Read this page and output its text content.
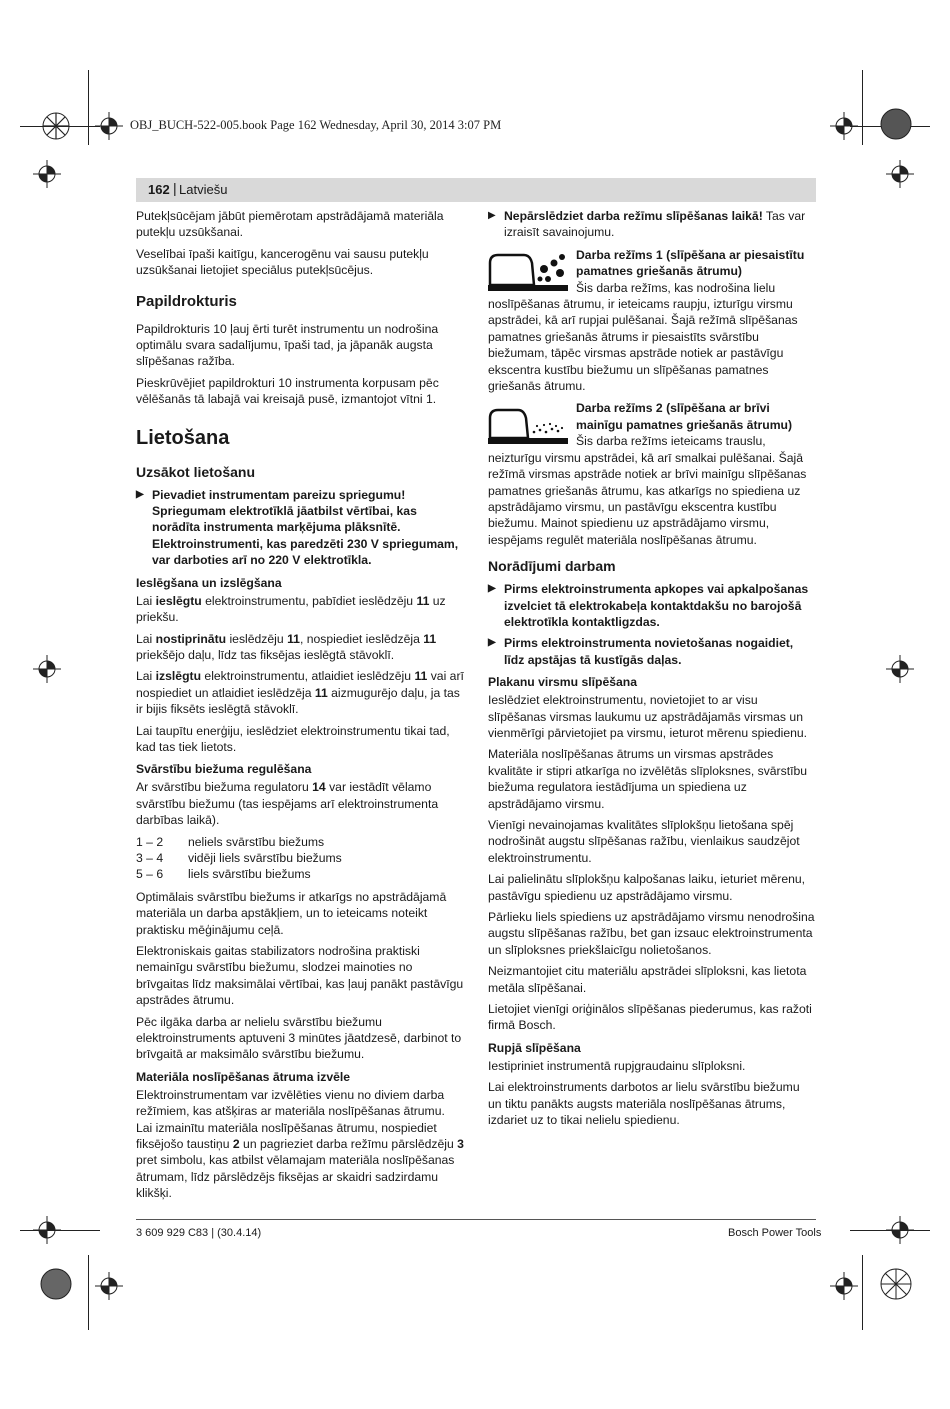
OBJ_BUCH-522-005.book Page 162 Wednesday, April 30, 2014 3:07 PM
162 | Latviešu

Putekļsūcējam jābūt piemērotam apstrādājamā materiāla putekļu uzsūkšanai.

Veselībai īpaši kaitīgu, kancerogēnu vai sausu putekļu uzsūkšanai lietojiet speciālus putekļsūcējus.

Papildrokturis

Papildrokturis 10 ļauj ērti turēt instrumentu un nodrošina optimālu svara sadalījumu, īpaši tad, ja jāpanāk augsta slīpēšanas ražība.

Pieskrūvējiet papildrokturi 10 instrumenta korpusam pēc vēlēšanās tā labajā vai kreisajā pusē, izmantojot vītni 1.

Lietošana
Uzsākot lietošanu
▶ Pievadiet instrumentam pareizu spriegumu! Spriegumam elektrotīklā jāatbilst vērtībai, kas norādīta instrumenta marķējuma plāksnītē. Elektroinstrumenti, kas paredzēti 230 V spriegumam, var darboties arī no 220 V elektrotīkla.
Ieslēgšana un izslēgšana

Lai ieslēgtu elektroinstrumentu, pabīdiet ieslēdzēju 11 uz priekšu.

Lai nostiprinātu ieslēdzēju 11, nospiediet ieslēdzēja 11 priekšējo daļu, līdz tas fiksējas ieslēgtā stāvoklī.

Lai izslēgtu elektroinstrumentu, atlaidiet ieslēdzēju 11 vai arī nospiediet un atlaidiet ieslēdzēja 11 aizmugurējo daļu, ja tas ir bijis fiksēts ieslēgtā stāvoklī.

Lai taupītu enerģiju, ieslēdziet elektroinstrumentu tikai tad, kad tas tiek lietots.

Svārstību biežuma regulēšana

Ar svārstību biežuma regulatoru 14 var iestādīt vēlamo svārstību biežumu (tas iespējams arī elektroinstrumenta darbības laikā).

1 – 2	neliels svārstību biežums
3 – 4	vidēji liels svārstību biežums
5 – 6	liels svārstību biežums

Optimālais svārstību biežums ir atkarīgs no apstrādājamā materiāla un darba apstākļiem, un to ieteicams noteikt praktisku mēģinājumu ceļā.

Elektroniskais gaitas stabilizators nodrošina praktiski nemainīgu svārstību biežumu, slodzei mainoties no brīvgaitas līdz maksimālai vērtībai, kas ļauj panākt pastāvīgu apstrādes ātrumu.

Pēc ilgāka darba ar nelielu svārstību biežumu elektroinstruments aptuveni 3 minūtes jāatdzesē, darbinot to brīvgaitā ar maksimālo svārstību biežumu.

Materiāla noslīpēšanas ātruma izvēle

Elektroinstrumentam var izvēlēties vienu no diviem darba režīmiem, kas atšķiras ar materiāla noslīpēšanas ātrumu. Lai izmainītu materiāla noslīpēšanas ātrumu, nospiediet fiksējošo taustiņu 2 un pagrieziet darba režīmu pārslēdzēju 3 pret simbolu, kas atbilst vēlamajam materiāla noslīpēšanas ātrumam, līdz pārslēdzējs fiksējas ar skaidri sadzirdamu klikšķi.

▶ Nepārslēdziet darba režīmu slīpēšanas laikā! Tas var izraisīt savainojumu.
Darba režīms 1 (slīpēšana ar piesaistītu pamatnes griešanās ātrumu)

Šis darba režīms, kas nodrošina lielu noslīpēšanas ātrumu, ir ieteicams raupju, izturīgu virsmu apstrādei, kā arī rupjai pulēšanai. Šajā režīmā slīpēšanas pamatnes griešanās ātrums ir piesaistīts svārstību biežumam, tāpēc virsmas apstrāde notiek ar pastāvīgu ekscentra kustību biežumu un slīpēšanas pamatnes griešanās ātrumu.

Darba režīms 2 (slīpēšana ar brīvi mainīgu pamatnes griešanās ātrumu)

Šis darba režīms ieteicams trauslu, neizturīgu virsmu apstrādei, kā arī smalkai pulēšanai. Šajā režīmā virsmas apstrāde notiek ar brīvi mainīgu slīpēšanas pamatnes griešanās ātrumu, kas atkarīgs no spiediena uz apstrādājamo virsmu, un pastāvīgu ekscentra kustību biežumu. Mainot spiedienu uz apstrādājamo virsmu, iespējams regulēt materiāla noslīpēšanas ātrumu.

Norādījumi darbam
▶ Pirms elektroinstrumenta apkopes vai apkalpošanas izvelciet tā elektrokabeļa kontaktdakšu no barojošā elektrotīkla kontaktligzdas.
▶ Pirms elektroinstrumenta novietošanas nogaidiet, līdz apstājas tā kustīgās daļas.
Plakanu virsmu slīpēšana

Ieslēdziet elektroinstrumentu, novietojiet to ar visu slīpēšanas virsmas laukumu uz apstrādājamās virsmas un vienmērīgi pārvietojiet pa virsmu, ieturot mērenu spiedienu.

Materiāla noslīpēšanas ātrums un virsmas apstrādes kvalitāte ir stipri atkarīga no izvēlētās slīploksnes, svārstību biežuma regulatora iestādījuma un spiediena uz apstrādājamo virsmu.

Vienīgi nevainojamas kvalitātes slīplokšņu lietošana spēj nodrošināt augstu slīpēšanas ražību, vienlaikus saudzējot elektroinstrumentu.

Lai palielinātu slīplokšņu kalpošanas laiku, ieturiet mērenu, pastāvīgu spiedienu uz apstrādājamo virsmu.

Pārlieku liels spiediens uz apstrādājamo virsmu nenodrošina augstu slīpēšanas ražību, bet gan izsauc elektroinstrumenta un slīploksnes priekšlaicīgu nolietošanos.

Neizmantojiet citu materiālu apstrādei slīploksni, kas lietota metāla slīpēšanai.

Lietojiet vienīgi oriģinālos slīpēšanas piederumus, kas ražoti firmā Bosch.

Rupjā slīpēšana

Iestipriniet instrumentā rupjgraudainu slīploksni.

Lai elektroinstruments darbotos ar lielu svārstību biežumu un tiktu panākts augsts materiāla noslīpēšanas ātrums, izdariet uz to tikai nelielu spiedienu.

3 609 929 C83 | (30.4.14)	Bosch Power Tools
